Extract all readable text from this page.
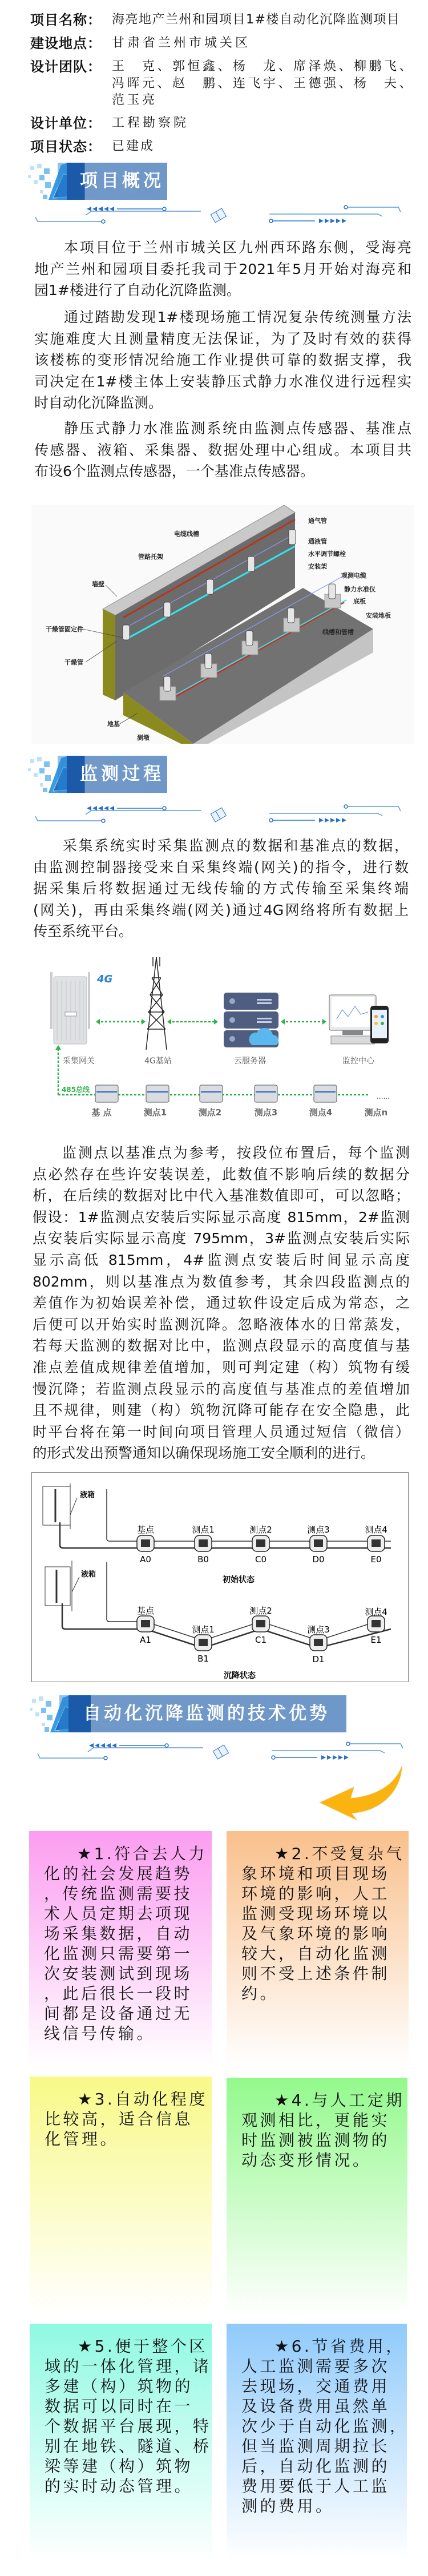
项目名称： 海亮地产兰州和园项目1#楼自动化沉降监测项目
建设地点： 甘肃省兰州市城关区
设计团队： 王　克、郭恒鑫、杨　龙、席泽焕、柳鹏飞、
冯晖元、赵　鹏、连飞宇、王德强、杨　夫、
范玉亮
设计单位： 工程勘察院
项目状态： 已建成
项目概况
本项目位于兰州市城关区九州西环路东侧，受海亮
地产兰州和园项目委托我司于2021年5月开始对海亮和
园1#楼进行了自动化沉降监测。
通过踏勘发现1#楼现场施工情况复杂传统测量方法
实施难度大且测量精度无法保证，为了及时有效的获得
该楼栋的变形情况给施工作业提供可靠的数据支撑，我
司决定在1#楼主体上安装静压式静力水准仪进行远程实
时自动化沉降监测。
静压式静力水准监测系统由监测点传感器、基准点
传感器、液箱、采集器、数据处理中心组成。本项目共
布设6个监测点传感器，一个基准点传感器。
通气管
电缆线槽
通液管
水平调节螺栓
管路托架
安装架
观测电缆
墙壁
静力水准仪
底板
安装地板
干燥管固定件	线槽和管槽
干燥管
地基
测墩
监测过程
采集系统实时采集监测点的数据和基准点的数据，
由监测控制器接受来自采集终端(网关)的指令，进行数
据采集后将数据通过无线传输的方式传输至采集终端
(网关)，再由采集终端(网关)通过4G网络将所有数据上
传至系统平台。
4G
采集网关	4G基站	云服务器	监控中心
485总线
......
基 点	测点1	测点2	测点3	测点4	测点n
监测点以基准点为参考，按段位布置后，每个监测
点必然存在些许安装误差，此数值不影响后续的数据分
析，在后续的数据对比中代入基准数值即可，可以忽略；
假设：1#监测点安装后实际显示高度 815mm，2#监测
点安装后实际显示高度 795mm，3#监测点安装后实际
显示高低 815mm，4#监测点安装后时间显示高度
802mm，则以基准点为数值参考，其余四段监测点的
差值作为初始误差补偿，通过软件设定后成为常态，之
后便可以开始实时监测沉降。忽略液体水的日常蒸发，
若每天监测的数据对比中，监测点段显示的高度值与基
准点差值成规律差值增加，则可判定建（构）筑物有缓
慢沉降；若监测点段显示的高度值与基准点的差值增加
且不规律，则建（构）筑物沉降可能存在安全隐患，此
时平台将在第一时间向项目管理人员通过短信（微信）
的形式发出预警通知以确保现场施工安全顺利的进行。
液箱
基点	测点1	测点2	测点3	测点4
A0	B0	C0	D0	E0
初始状态
液箱
基点
测点1
测点2
测点3
测点4
A1
B1
C1
D1
E1
沉降状态
自动化沉降监测的技术优势
★1.符合去人力
化的社会发展趋势
，传统监测需要技
术人员定期去项现
场采集数据，自动
化监测只需要第一
次安装测试到现场
，此后很长一段时
间都是设备通过无
线信号传输。
★2.不受复杂气
象环境和项目现场
环境的影响，人工
监测受现场环境以
及气象环境的影响
较大，自动化监测
则不受上述条件制
约。
★3.自动化程度
比较高，适合信息
化管理。
★4.与人工定期
观测相比，更能实
时监测被监测物的
动态变形情况。
★5.便于整个区
域的一体化管理，诸
多建（构）筑物的
数据可以同时在一
个数据平台展现，特
别在地铁、隧道、桥
梁等建（构）筑物
的实时动态管理。
★6.节省费用，
人工监测需要多次
去现场，交通费用
及设备费用虽然单
次少于自动化监测，
但当监测周期拉长
后，自动化监测的
费用要低于人工监
测的费用。
